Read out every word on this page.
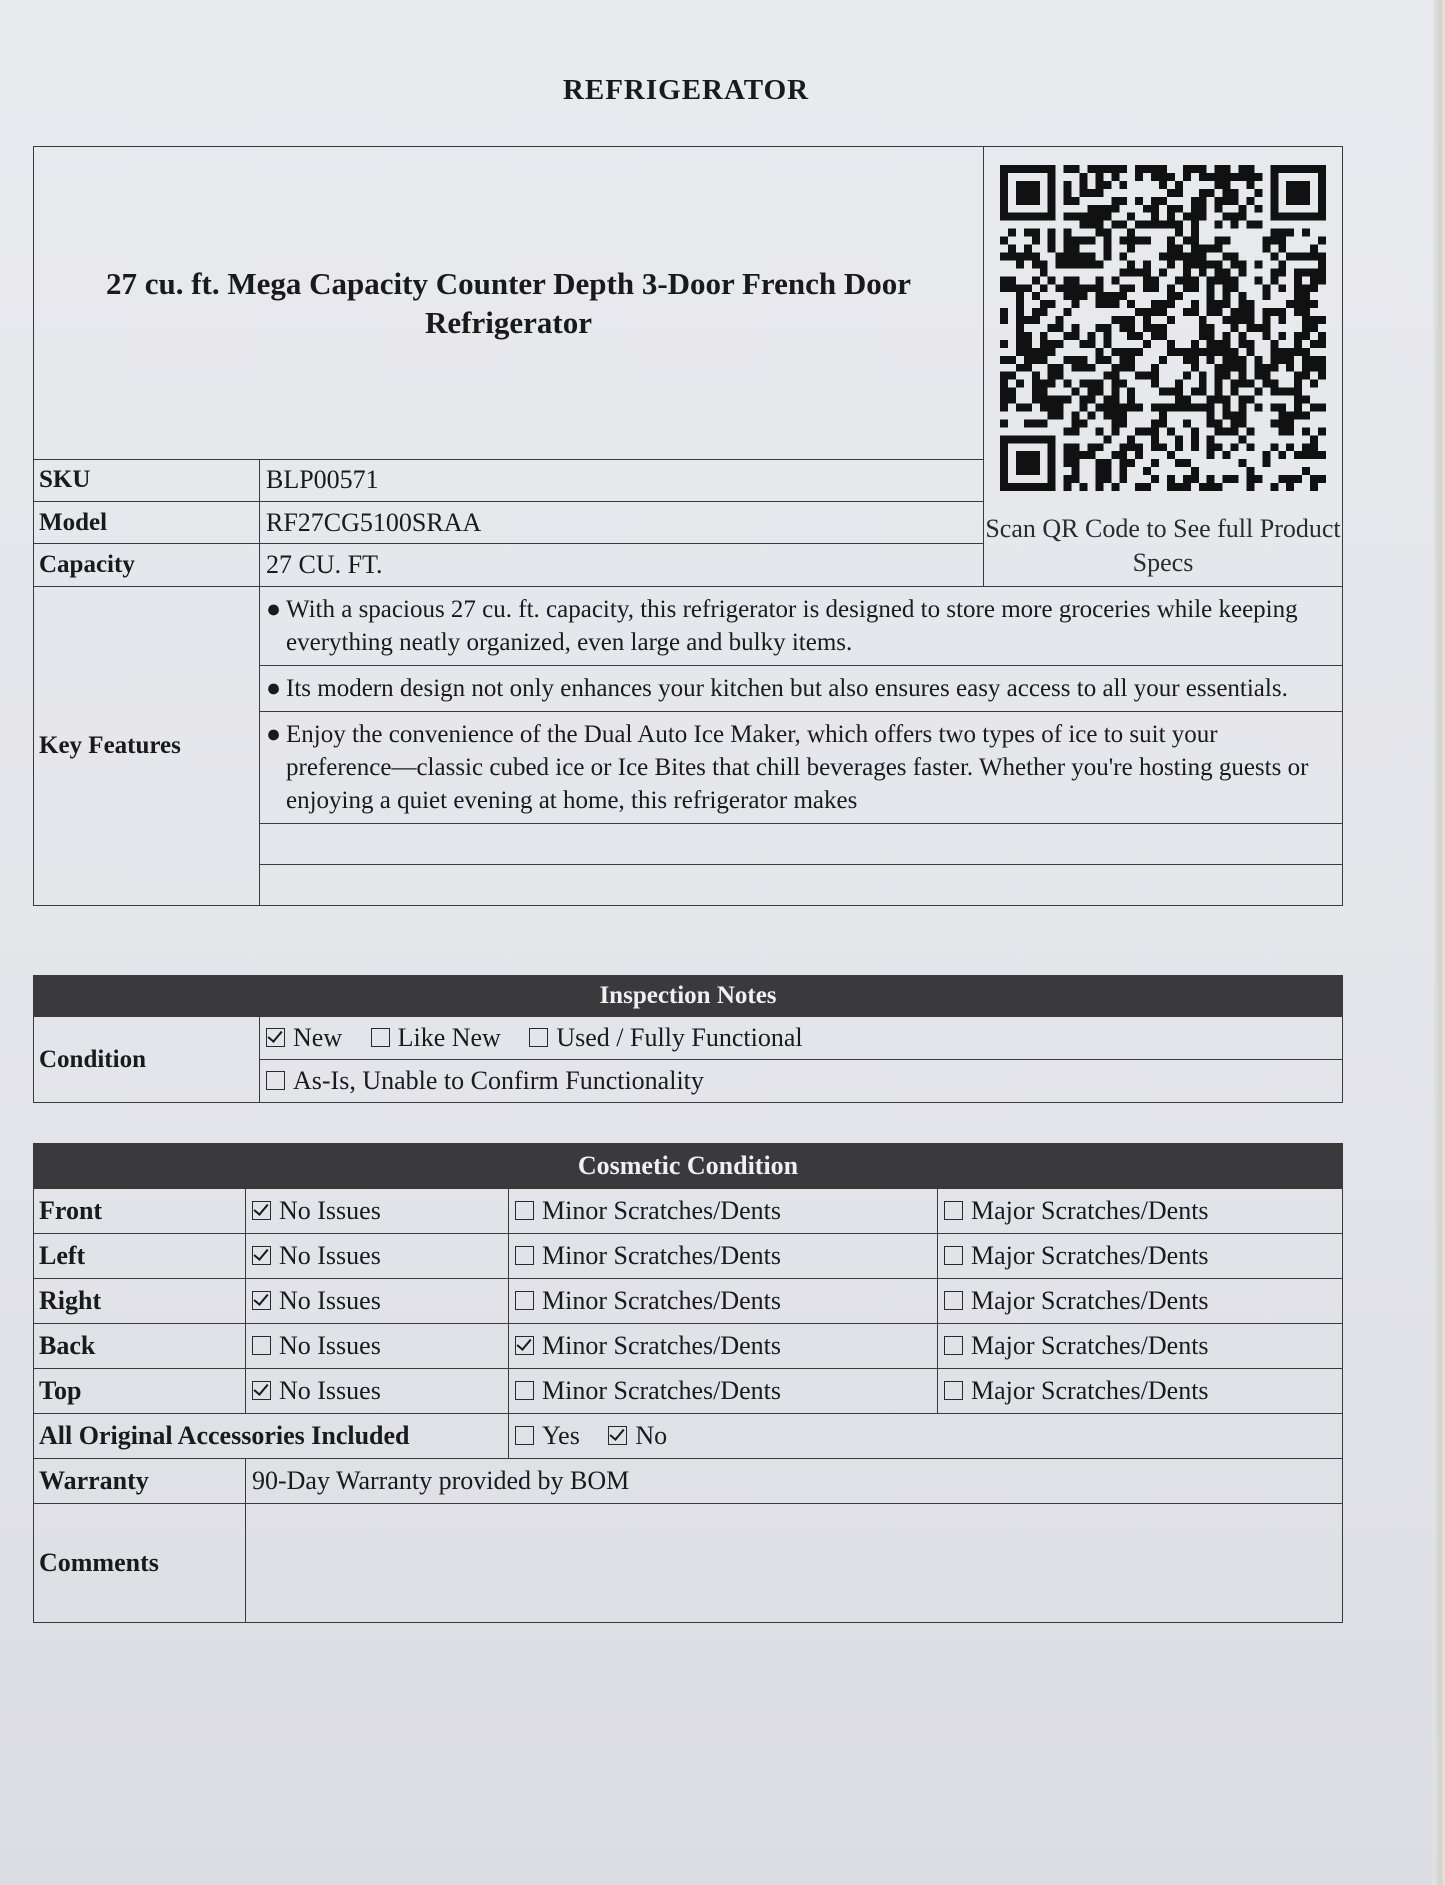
REFRIGERATOR
27 cu. ft. Mega Capacity Counter Depth 3-Door French Door Refrigerator		Scan QR Code to See full Product Specs

SKU	BLP00571	
Model	RF27CG5100SRAA	
Capacity	27 CU. FT.	
Key Features	● With a spacious 27 cu. ft. capacity, this refrigerator is designed to store more groceries while keeping everything neatly organized, even large and bulky items.	
	● Its modern design not only enhances your kitchen but also ensures easy access to all your essentials.	
	● Enjoy the convenience of the Dual Auto Ice Maker, which offers two types of ice to suit your preference—classic cubed ice or Ice Bites that chill beverages faster. Whether you're hosting guests or enjoying a quiet evening at home, this refrigerator makes	

Inspection Notes
Condition	New Like New Used / Fully Functional
As-Is, Unable to Confirm Functionality
Cosmetic Condition			
Front	No Issues	Minor Scratches/Dents	Major Scratches/Dents
Left	No Issues	Minor Scratches/Dents	Major Scratches/Dents
Right	No Issues	Minor Scratches/Dents	Major Scratches/Dents
Back	No Issues	Minor Scratches/Dents	Major Scratches/Dents
Top	No Issues	Minor Scratches/Dents	Major Scratches/Dents
All Original Accessories Included		Yes No	
Warranty	90-Day Warranty provided by BOM		
Comments			
